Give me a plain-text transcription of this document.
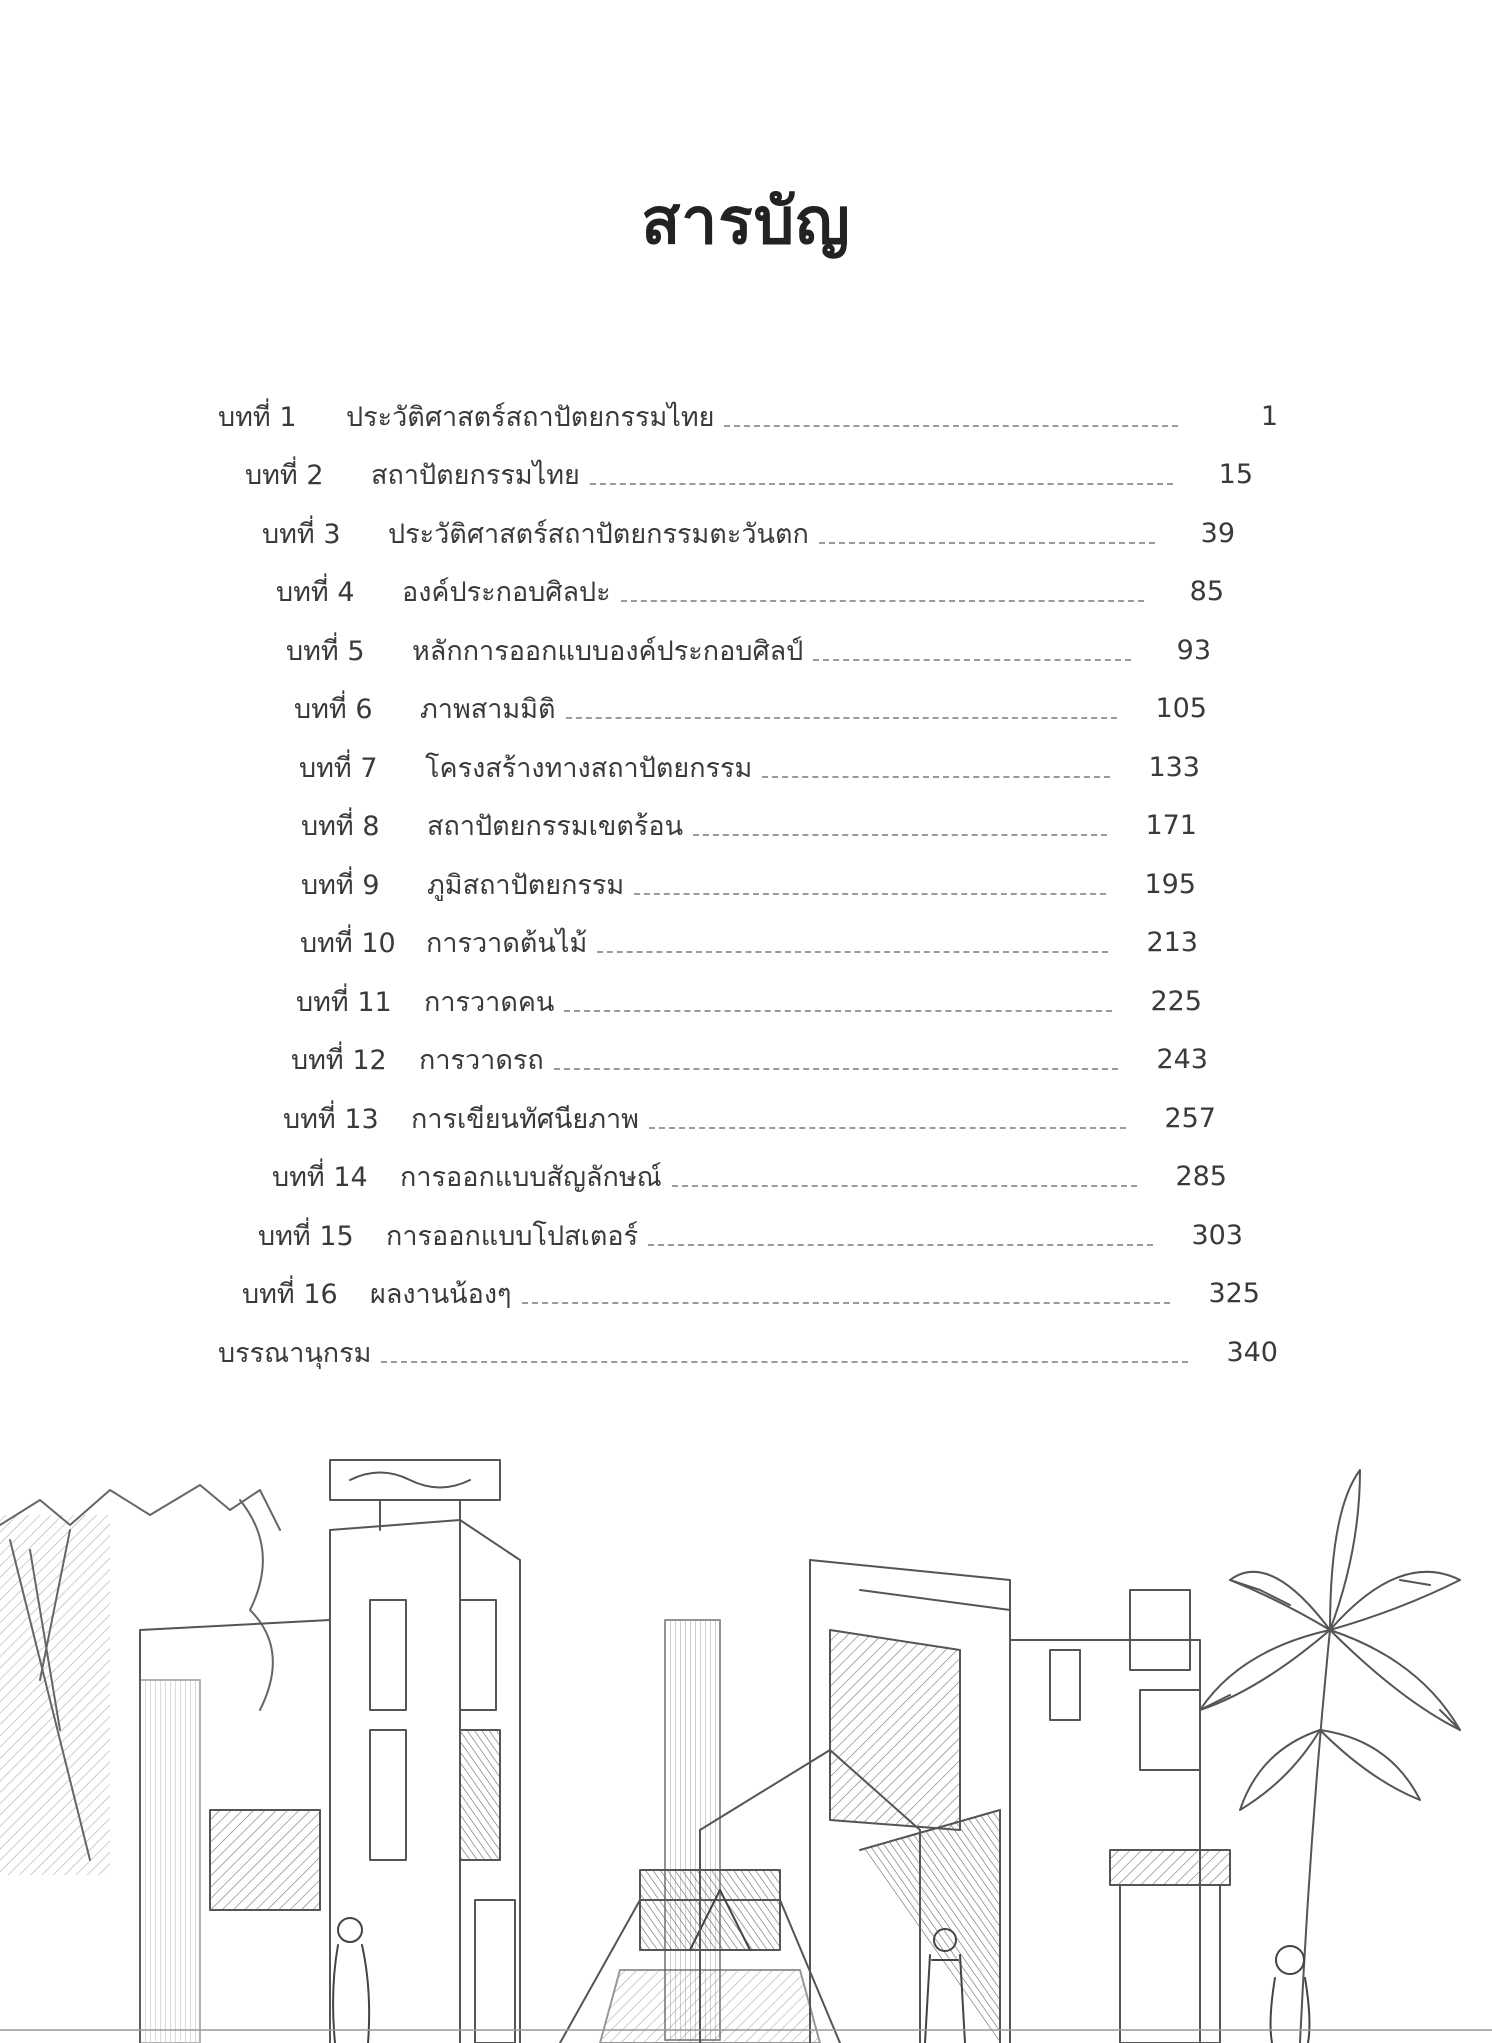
สารบัญ
บทที่ 1	ประวัติศาสตร์สถาปัตยกรรมไทย	1
บทที่ 2	สถาปัตยกรรมไทย	15
บทที่ 3	ประวัติศาสตร์สถาปัตยกรรมตะวันตก	39
บทที่ 4	องค์ประกอบศิลปะ	85
บทที่ 5	หลักการออกแบบองค์ประกอบศิลป์	93
บทที่ 6	ภาพสามมิติ	105
บทที่ 7	โครงสร้างทางสถาปัตยกรรม	133
บทที่ 8	สถาปัตยกรรมเขตร้อน	171
บทที่ 9	ภูมิสถาปัตยกรรม	195
บทที่ 10	การวาดต้นไม้	213
บทที่ 11	การวาดคน	225
บทที่ 12	การวาดรถ	243
บทที่ 13	การเขียนทัศนียภาพ	257
บทที่ 14	การออกแบบสัญลักษณ์	285
บทที่ 15	การออกแบบโปสเตอร์	303
บทที่ 16	ผลงานน้องๆ	325
บรรณานุกรม	340
